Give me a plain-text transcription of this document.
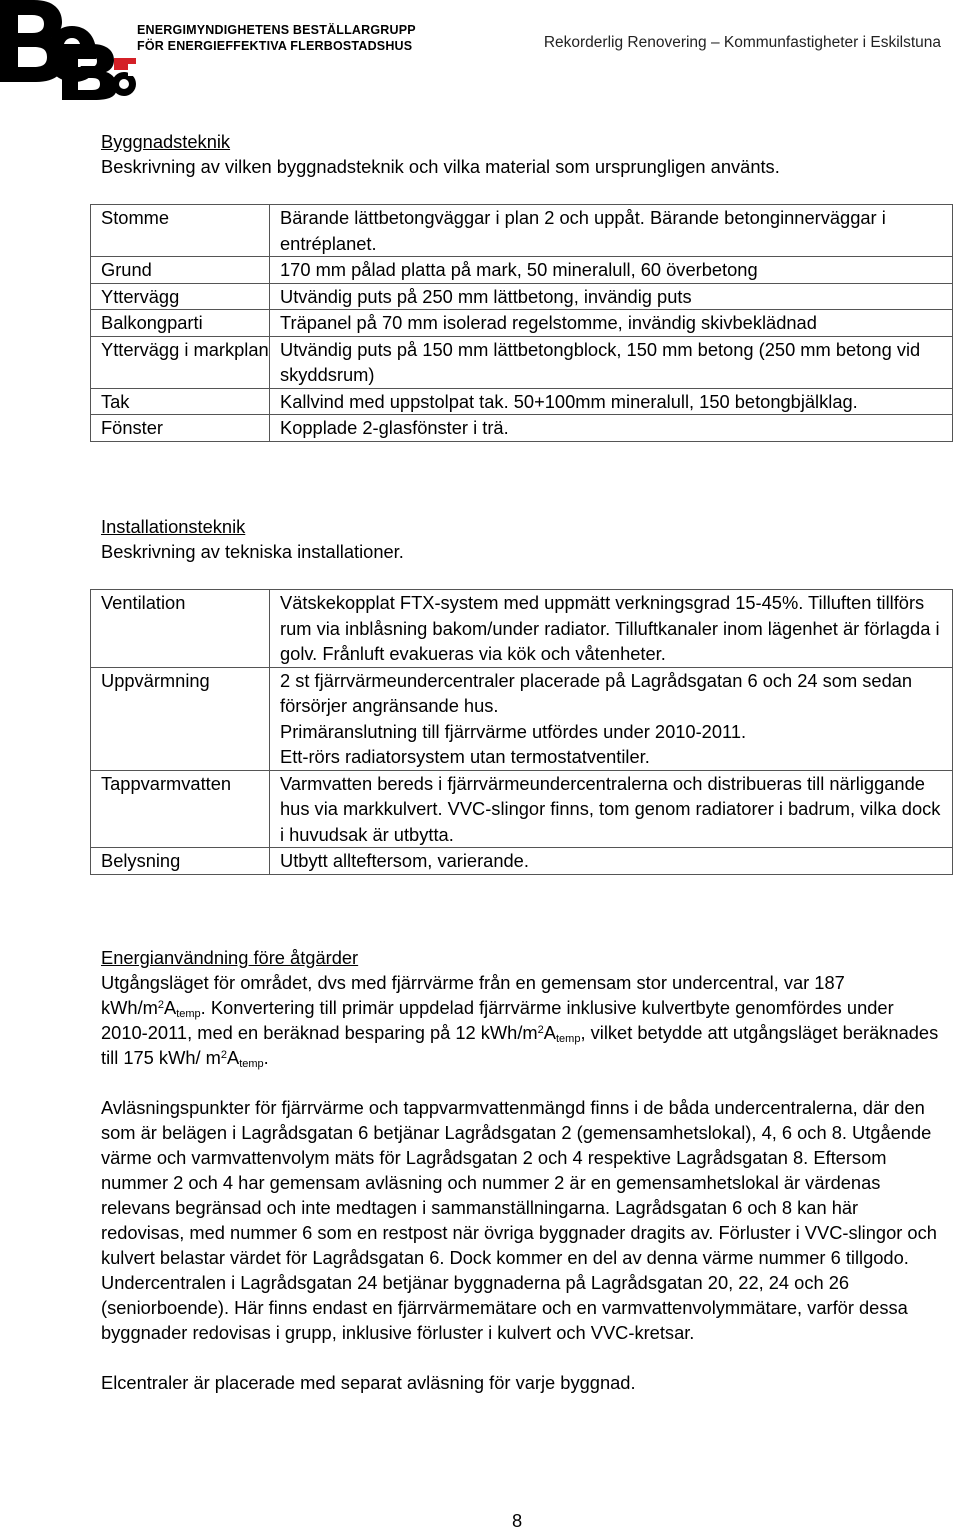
ENERGIMYNDIGHETENS BESTÄLLARGRUPP
FÖR ENERGIEFFEKTIVA FLERBOSTADSHUS	Rekorderlig Renovering – Kommunfastigheter i Eskilstuna

Byggnadsteknik

Beskrivning av vilken byggnadsteknik och vilka material som ursprungligen använts.

Stomme	Bärande lättbetongväggar i plan 2 och uppåt. Bärande betonginnerväggar i entréplanet.
Grund	170 mm pålad platta på mark, 50 mineralull, 60 överbetong
Yttervägg	Utvändig puts på 250 mm lättbetong, invändig puts
Balkongparti	Träpanel på 70 mm isolerad regelstomme, invändig skivbeklädnad
Yttervägg i markplan	Utvändig puts på 150 mm lättbetongblock, 150 mm betong (250 mm betong vid skyddsrum)
Tak	Kallvind med uppstolpat tak. 50+100mm mineralull, 150 betongbjälklag.
Fönster	Kopplade 2-glasfönster i trä.

Installationsteknik

Beskrivning av tekniska installationer.

Ventilation	Vätskekopplat FTX-system med uppmätt verkningsgrad 15-45%. Tilluften tillförs rum via inblåsning bakom/under radiator. Tilluftkanaler inom lägenhet är förlagda i golv. Frånluft evakueras via kök och våtenheter.
Uppvärmning	2 st fjärrvärmeundercentraler placerade på Lagrådsgatan 6 och 24 som sedan försörjer angränsande hus.
Primäranslutning till fjärrvärme utfördes under 2010-2011.
Ett-rörs radiatorsystem utan termostatventiler.

Tappvarmvatten	Varmvatten bereds i fjärrvärmeundercentralerna och distribueras till närliggande hus via markkulvert. VVC-slingor finns, tom genom radiatorer i badrum, vilka dock i huvudsak är utbytta.
Belysning	Utbytt allteftersom, varierande.

Energianvändning före åtgärder

Utgångsläget för området, dvs med fjärrvärme från en gemensam stor undercentral, var 187 kWh/$m^2A_{temp}$. Konvertering till primär uppdelad fjärrvärme inklusive kulvertbyte genomfördes under 2010-2011, med en beräknad besparing på 12 kWh/$m^2A_{temp}$, vilket betydde att utgångsläget beräknades till 175 kWh/ $m^2A_{temp}$.

Avläsningspunkter för fjärrvärme och tappvarmvattenmängd finns i de båda undercentralerna, där den som är belägen i Lagrådsgatan 6 betjänar Lagrådsgatan 2 (gemensamhetslokal), 4, 6 och 8. Utgående värme och varmvattenvolym mäts för Lagrådsgatan 2 och 4 respektive Lagrådsgatan 8. Eftersom nummer 2 och 4 har gemensam avläsning och nummer 2 är en gemensamhetslokal är värdenas relevans begränsad och inte medtagen i sammanställningarna. Lagrådsgatan 6 och 8 kan här redovisas, med nummer 6 som en restpost när övriga byggnader dragits av. Förluster i VVC-slingor och kulvert belastar värdet för Lagrådsgatan 6. Dock kommer en del av denna värme nummer 6 tillgodo. Undercentralen i Lagrådsgatan 24 betjänar byggnaderna på Lagrådsgatan 20, 22, 24 och 26 (seniorboende). Här finns endast en fjärrvärmemätare och en varmvattenvolymmätare, varför dessa byggnader redovisas i grupp, inklusive förluster i kulvert och VVC-kretsar.

Elcentraler är placerade med separat avläsning för varje byggnad.

8
